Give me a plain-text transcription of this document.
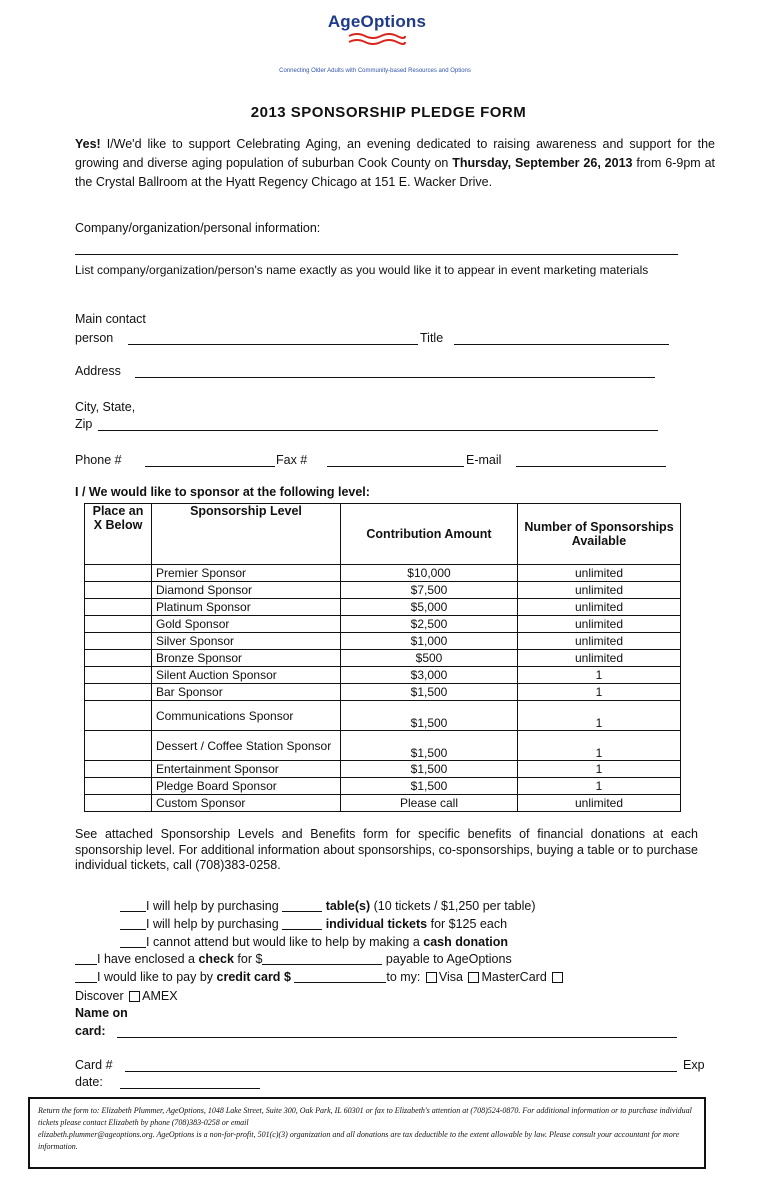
AgeOptions
Connecting Older Adults with Community-based Resources and Options
2013 SPONSORSHIP PLEDGE FORM
Yes! I/We'd like to support Celebrating Aging, an evening dedicated to raising awareness and support for the growing and diverse aging population of suburban Cook County on Thursday, September 26, 2013 from 6-9pm at the Crystal Ballroom at the Hyatt Regency Chicago at 151 E. Wacker Drive.
Company/organization/personal information:
List company/organization/person's name exactly as you would like it to appear in event marketing materials
Main contact
person	Title
Address
City, State,
Zip
Phone #	Fax #	E-mail
I / We would like to sponsor at the following level:
Place an X Below	Sponsorship Level	Contribution Amount	Number of Sponsorships Available
	Premier Sponsor	$10,000	unlimited
	Diamond Sponsor	$7,500	unlimited
	Platinum Sponsor	$5,000	unlimited
	Gold Sponsor	$2,500	unlimited
	Silver Sponsor	$1,000	unlimited
	Bronze Sponsor	$500	unlimited
	Silent Auction Sponsor	$3,000	1
	Bar Sponsor	$1,500	1
	Communications Sponsor	$1,500	1
	Dessert / Coffee Station Sponsor	$1,500	1
	Entertainment Sponsor	$1,500	1
	Pledge Board Sponsor	$1,500	1
	Custom Sponsor	Please call	unlimited
See attached Sponsorship Levels and Benefits form for specific benefits of financial donations at each sponsorship level. For additional information about sponsorships, co-sponsorships, buying a table or to purchase individual tickets, call (708)383-0258.
I will help by purchasing	table(s) (10 tickets / $1,250 per table)
I will help by purchasing	individual tickets for $125 each
I cannot attend but would like to help by making a cash donation
I have enclosed a check for $	payable to AgeOptions
I would like to pay by credit card $	to my: Visa MasterCard
Discover AMEX
Name on
card:
Card #	Exp
date:
Return the form to: Elizabeth Plummer, AgeOptions, 1048 Lake Street, Suite 300, Oak Park, IL 60301 or fax to Elizabeth's attention at (708)524-0870. For additional information or to purchase individual tickets please contact Elizabeth by phone (708)383-0258 or email
elizabeth.plummer@ageoptions.org. AgeOptions is a non-for-profit, 501(c)(3) organization and all donations are tax deductible to the extent allowable by law. Please consult your accountant for more information.
